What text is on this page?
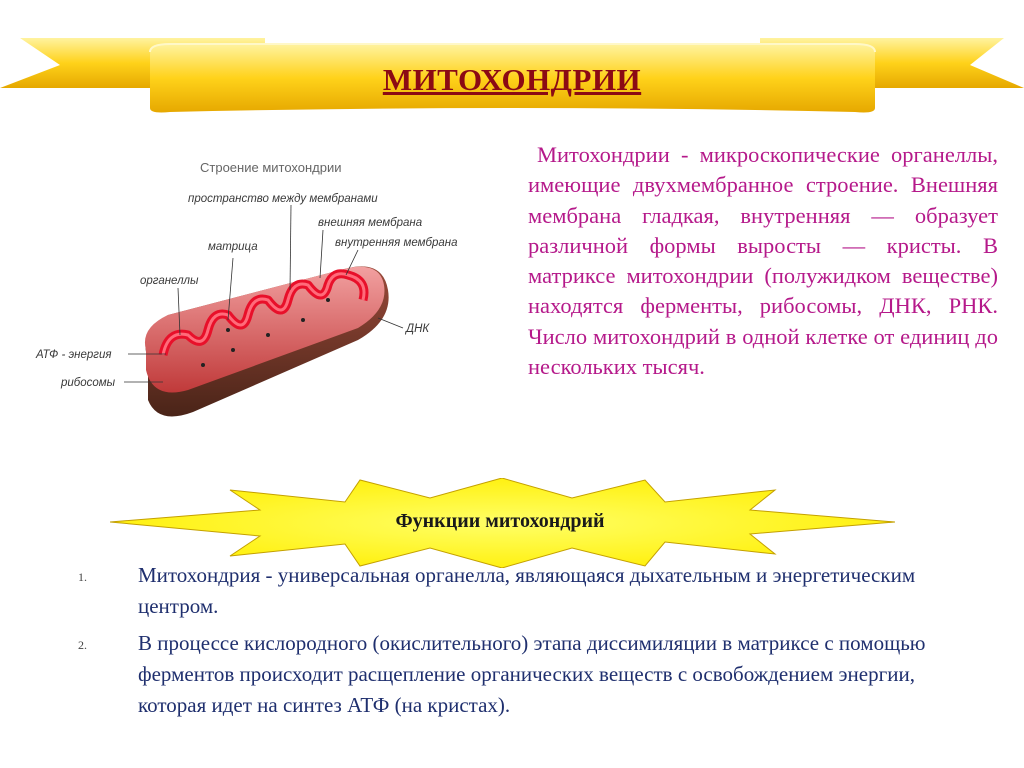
МИТОХОНДРИИ
Строение митохондрии
пространство между мембранами
внешняя мембрана
матрица	внутренняя мембрана
органеллы
ДНК
АТФ - энергия
рибосомы

Митохондрии - микроскопические органеллы, имеющие двухмембранное строение. Внешняя мембрана гладкая, внутренняя — образует различной формы выросты — кристы. В матриксе митохондрии (полужидком веществе) находятся ферменты, рибосомы, ДНК, РНК. Число митохондрий в одной клетке от единиц до нескольких тысяч.

Функции митохондрий
1.	Митохондрия - универсальная органелла, являющаяся дыхательным и энергетическим центром.
2.	В процессе кислородного (окислительного) этапа диссимиляции в матриксе с помощью ферментов происходит расщепление органических веществ с освобождением энергии, которая идет на синтез АТФ (на кристах).
